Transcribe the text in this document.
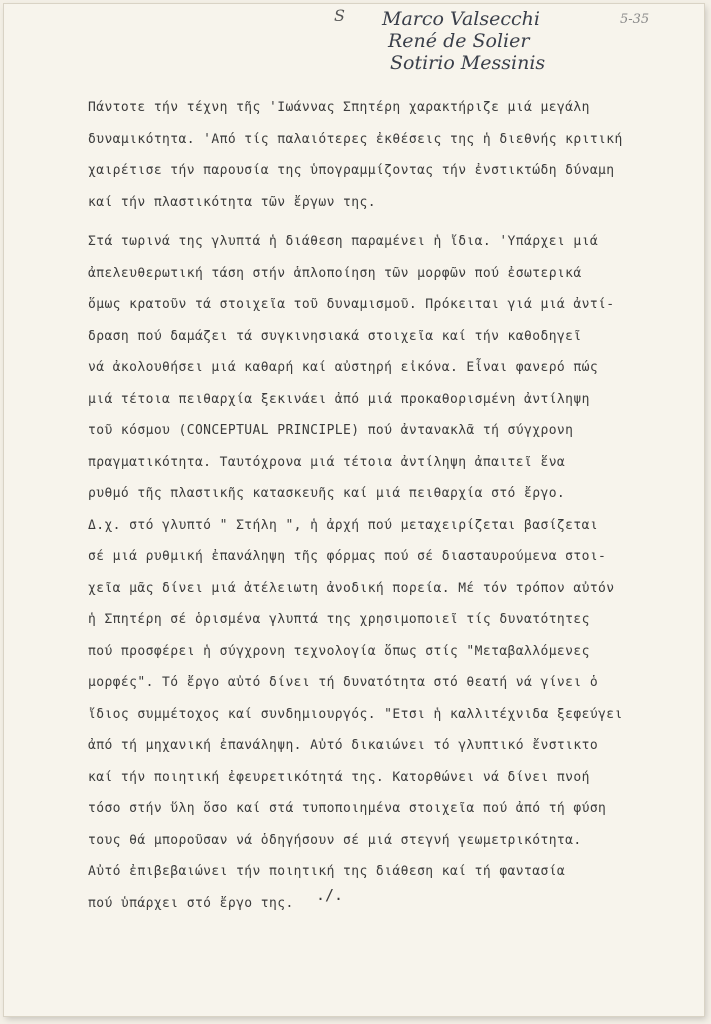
S Marco Valsecchi
René de Solier
Sotirio Messinis
5-35
Πάντοτε τήν τέχνη τῆς 'Ιωάννας Σπητέρη χαρακτήριζε μιά μεγάλη
δυναμικότητα. 'Από τίς παλαιότερες ἐκθέσεις της ἡ διεθνής κριτική
χαιρέτισε τήν παρουσία της ὑπογραμμίζοντας τήν ἐνστικτώδη δύναμη
καί τήν πλαστικότητα τῶν ἔργων της.
Στά τωρινά της γλυπτά ἡ διάθεση παραμένει ἡ ἴδια. 'Υπάρχει μιά
ἀπελευθερωτική τάση στήν ἁπλοποίηση τῶν μορφῶν πού ἐσωτερικά
ὅμως κρατοῦν τά στοιχεῖα τοῦ δυναμισμοῦ. Πρόκειται γιά μιά ἀντί-
δραση πού δαμάζει τά συγκινησιακά στοιχεῖα καί τήν καθοδηγεῖ
νά ἀκολουθήσει μιά καθαρή καί αὐστηρή εἰκόνα. Εἶναι φανερό πώς
μιά τέτοια πειθαρχία ξεκινάει ἀπό μιά προκαθορισμένη ἀντίληψη
τοῦ κόσμου (CONCEPTUAL PRINCIPLE) πού ἀντανακλᾶ τή σύγχρονη
πραγματικότητα. Ταυτόχρονα μιά τέτοια ἀντίληψη ἀπαιτεῖ ἕνα
ρυθμό τῆς πλαστικῆς κατασκευῆς καί μιά πειθαρχία στό ἔργο.
Δ.χ. στό γλυπτό " Στήλη ", ἡ ἀρχή πού μεταχειρίζεται βασίζεται
σέ μιά ρυθμική ἐπανάληψη τῆς φόρμας πού σέ διασταυρούμενα στοι-
χεῖα μᾶς δίνει μιά ἀτέλειωτη ἀνοδική πορεία. Μέ τόν τρόπον αὐτόν
ἡ Σπητέρη σέ ὁρισμένα γλυπτά της χρησιμοποιεῖ τίς δυνατότητες
πού προσφέρει ἡ σύγχρονη τεχνολογία ὅπως στίς "Μεταβαλλόμενες
μορφές". Τό ἔργο αὐτό δίνει τή δυνατότητα στό θεατή νά γίνει ὁ
ἴδιος συμμέτοχος καί συνδημιουργός. "Ετσι ἡ καλλιτέχνιδα ξεφεύγει
ἀπό τή μηχανική ἐπανάληψη. Αὐτό δικαιώνει τό γλυπτικό ἔνστικτο
καί τήν ποιητική ἐφευρετικότητά της. Κατορθώνει νά δίνει πνοή
τόσο στήν ὕλη ὅσο καί στά τυποποιημένα στοιχεῖα πού ἀπό τή φύση
τους θά μποροῦσαν νά ὁδηγήσουν σέ μιά στεγνή γεωμετρικότητα.
Αὐτό ἐπιβεβαιώνει τήν ποιητική της διάθεση καί τή φαντασία
πού ὑπάρχει στό ἔργο της.	./.
